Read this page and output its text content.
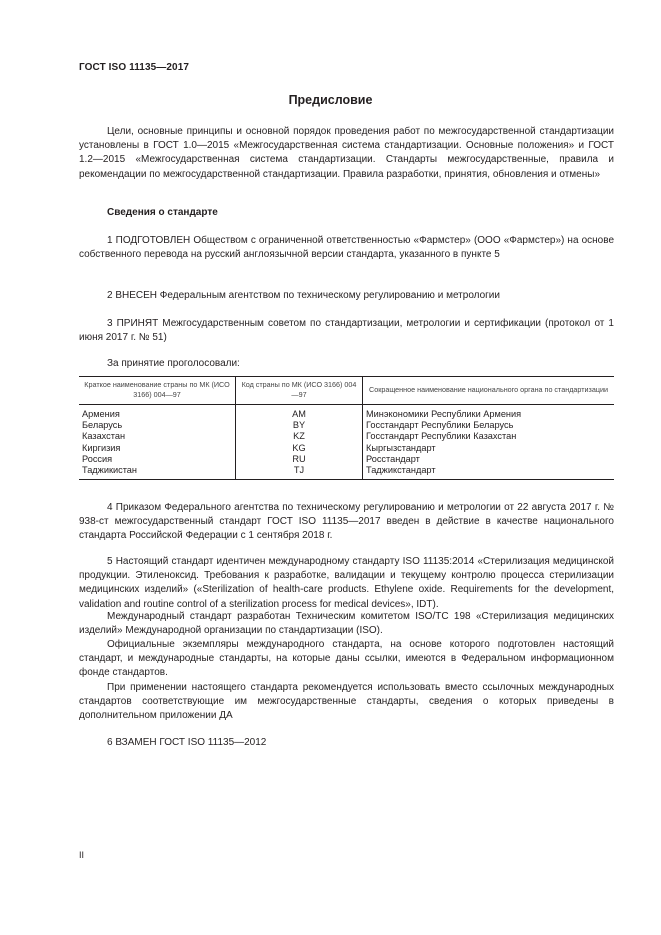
ГОСТ ISO 11135—2017
Предисловие
Цели, основные принципы и основной порядок проведения работ по межгосударственной стандартизации установлены в ГОСТ 1.0—2015 «Межгосударственная система стандартизации. Основные положения» и ГОСТ 1.2—2015 «Межгосударственная система стандартизации. Стандарты межгосударственные, правила и рекомендации по межгосударственной стандартизации. Правила разработки, принятия, обновления и отмены»
Сведения о стандарте
1 ПОДГОТОВЛЕН Обществом с ограниченной ответственностью «Фармстер» (ООО «Фармстер») на основе собственного перевода на русский англоязычной версии стандарта, указанного в пункте 5
2 ВНЕСЕН Федеральным агентством по техническому регулированию и метрологии
3 ПРИНЯТ Межгосударственным советом по стандартизации, метрологии и сертификации (протокол от 1 июня 2017 г. № 51)
За принятие проголосовали:
Краткое наименование страны по МК (ИСО 3166) 004—97	Код страны по МК (ИСО 3166) 004—97	Сокращенное наименование национального органа по стандартизации
Армения	AM	Минэкономики Республики Армения
Беларусь	BY	Госстандарт Республики Беларусь
Казахстан	KZ	Госстандарт Республики Казахстан
Киргизия	KG	Кыргызстандарт
Россия	RU	Росстандарт
Таджикистан	TJ	Таджикстандарт
4 Приказом Федерального агентства по техническому регулированию и метрологии от 22 августа 2017 г. № 938-ст межгосударственный стандарт ГОСТ ISO 11135—2017 введен в действие в качестве национального стандарта Российской Федерации с 1 сентября 2018 г.
5 Настоящий стандарт идентичен международному стандарту ISO 11135:2014 «Стерилизация медицинской продукции. Этиленоксид. Требования к разработке, валидации и текущему контролю процесса стерилизации медицинских изделий» («Sterilization of health-care products. Ethylene oxide. Requirements for the development, validation and routine control of a sterilization process for medical devices», IDT).
Международный стандарт разработан Техническим комитетом ISO/TC 198 «Стерилизация медицинских изделий» Международной организации по стандартизации (ISO).
Официальные экземпляры международного стандарта, на основе которого подготовлен настоящий стандарт, и международные стандарты, на которые даны ссылки, имеются в Федеральном информационном фонде стандартов.
При применении настоящего стандарта рекомендуется использовать вместо ссылочных международных стандартов соответствующие им межгосударственные стандарты, сведения о которых приведены в дополнительном приложении ДА
6 ВЗАМЕН ГОСТ ISO 11135—2012
II
